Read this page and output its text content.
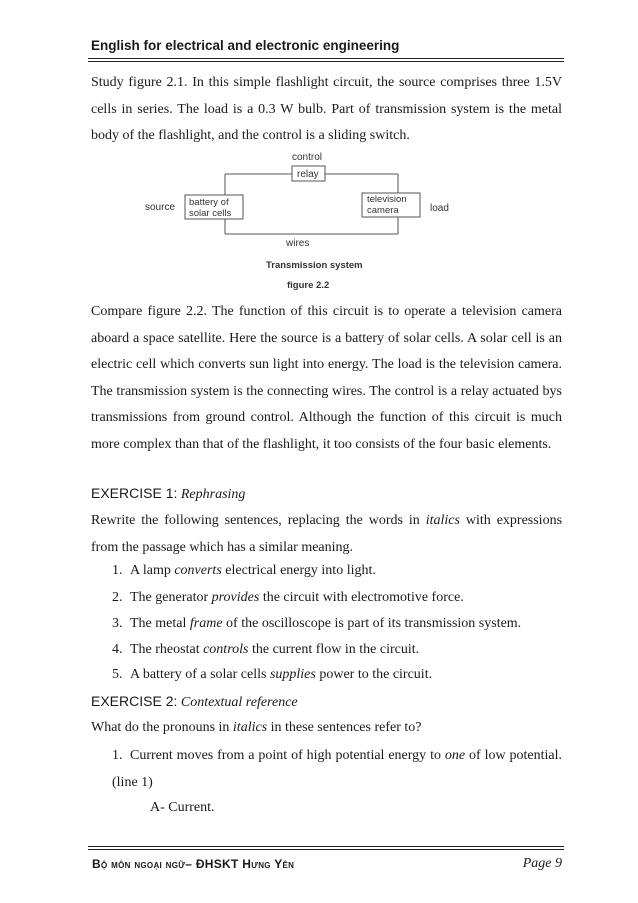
English for electrical and electronic engineering

Study figure 2.1. In this simple flashlight circuit, the source comprises three 1.5V cells in series. The load is a 0.3 W bulb. Part of transmission system is the metal body of the flashlight, and the control is a sliding switch.

control
relay
source battery of
solar cells
television
camera	load
wires
Transmission system
figure 2.2

Compare figure 2.2. The function of this circuit is to operate a television camera aboard a space satellite. Here the source is a battery of solar cells. A solar cell is an electric cell which converts sun light into energy. The load is the television camera. The transmission system is the connecting wires. The control is a relay actuated bys transmissions from ground control. Although the function of this circuit is much more complex than that of the flashlight, it too consists of the four basic elements.

EXERCISE 1: Rephrasing
Rewrite the following sentences, replacing the words in italics with expressions from the passage which has a similar meaning.
1. A lamp converts electrical energy into light.
2. The generator provides the circuit with electromotive force.
3. The metal frame of the oscilloscope is part of its transmission system.
4. The rheostat controls the current flow in the circuit.
5. A battery of a solar cells supplies power to the circuit.
EXERCISE 2: Contextual reference
What do the pronouns in italics in these sentences refer to?
1. Current moves from a point of high potential energy to one of low potential. (line 1)
A- Current.
Bộ môn ngoại ngữ– ĐHSKT Hưng Yên	Page 9
